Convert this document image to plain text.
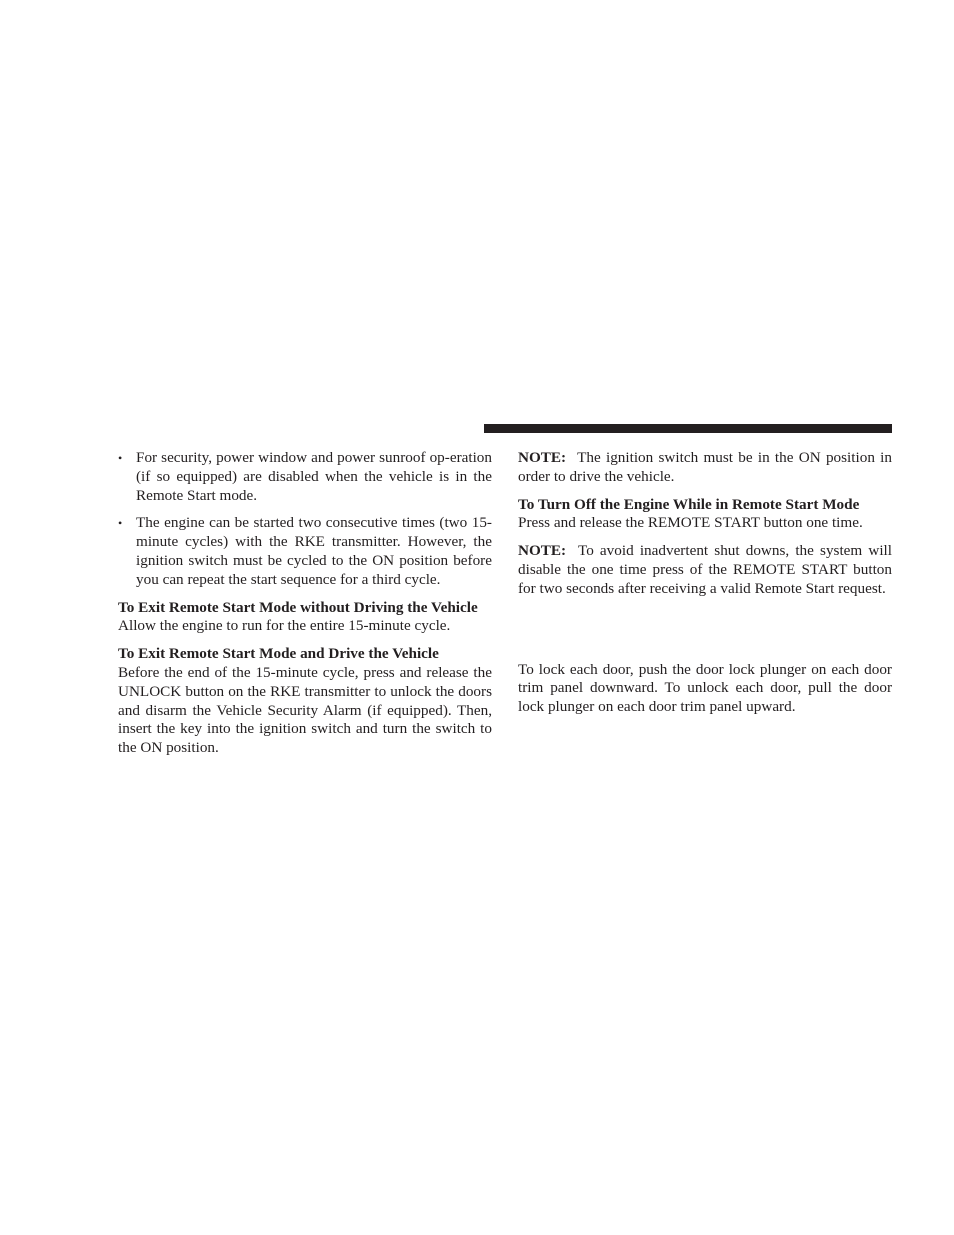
• For security, power window and power sunroof op-eration (if so equipped) are disabled when the vehicle is in the Remote Start mode.
• The engine can be started two consecutive times (two 15-minute cycles) with the RKE transmitter. However, the ignition switch must be cycled to the ON position before you can repeat the start sequence for a third cycle.
To Exit Remote Start Mode without Driving the Vehicle

Allow the engine to run for the entire 15-minute cycle.

To Exit Remote Start Mode and Drive the Vehicle

Before the end of the 15-minute cycle, press and release the UNLOCK button on the RKE transmitter to unlock the doors and disarm the Vehicle Security Alarm (if equipped). Then, insert the key into the ignition switch and turn the switch to the ON position.

NOTE: The ignition switch must be in the ON position in order to drive the vehicle.

To Turn Off the Engine While in Remote Start Mode

Press and release the REMOTE START button one time.

NOTE: To avoid inadvertent shut downs, the system will disable the one time press of the REMOTE START button for two seconds after receiving a valid Remote Start request.

To lock each door, push the door lock plunger on each door trim panel downward. To unlock each door, pull the door lock plunger on each door trim panel upward.
